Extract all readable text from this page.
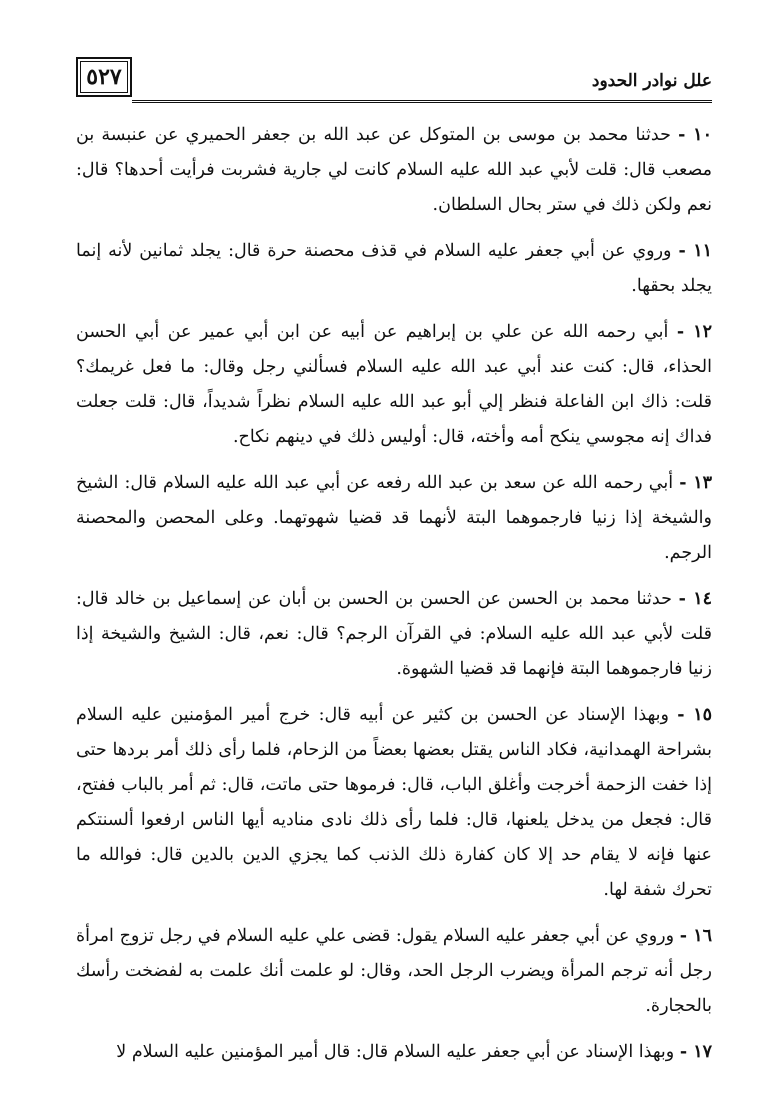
٥٢٧	علل نوادر الحدود

١٠ - حدثنا محمد بن موسى بن المتوكل عن عبد الله بن جعفر الحميري عن عنبسة بن مصعب قال: قلت لأبي عبد الله عليه السلام كانت لي جارية فشربت فرأيت أحدها؟ قال: نعم ولكن ذلك في ستر بحال السلطان.

١١ - وروي عن أبي جعفر عليه السلام في قذف محصنة حرة قال: يجلد ثمانين لأنه إنما يجلد بحقها.

١٢ - أبي رحمه الله عن علي بن إبراهيم عن أبيه عن ابن أبي عمير عن أبي الحسن الحذاء، قال: كنت عند أبي عبد الله عليه السلام فسألني رجل وقال: ما فعل غريمك؟ قلت: ذاك ابن الفاعلة فنظر إلي أبو عبد الله عليه السلام نظراً شديداً، قال: قلت جعلت فداك إنه مجوسي ينكح أمه وأخته، قال: أوليس ذلك في دينهم نكاح.

١٣ - أبي رحمه الله عن سعد بن عبد الله رفعه عن أبي عبد الله عليه السلام قال: الشيخ والشيخة إذا زنيا فارجموهما البتة لأنهما قد قضيا شهوتهما. وعلى المحصن والمحصنة الرجم.

١٤ - حدثنا محمد بن الحسن عن الحسن بن الحسن بن أبان عن إسماعيل بن خالد قال: قلت لأبي عبد الله عليه السلام: في القرآن الرجم؟ قال: نعم، قال: الشيخ والشيخة إذا زنيا فارجموهما البتة فإنهما قد قضيا الشهوة.

١٥ - وبهذا الإسناد عن الحسن بن كثير عن أبيه قال: خرج أمير المؤمنين عليه السلام بشراحة الهمدانية، فكاد الناس يقتل بعضها بعضاً من الزحام، فلما رأى ذلك أمر بردها حتى إذا خفت الزحمة أخرجت وأغلق الباب، قال: فرموها حتى ماتت، قال: ثم أمر بالباب ففتح، قال: فجعل من يدخل يلعنها، قال: فلما رأى ذلك نادى مناديه أيها الناس ارفعوا ألسنتكم عنها فإنه لا يقام حد إلا كان كفارة ذلك الذنب كما يجزي الدين بالدين قال: فوالله ما تحرك شفة لها.

١٦ - وروي عن أبي جعفر عليه السلام يقول: قضى علي عليه السلام في رجل تزوج امرأة رجل أنه ترجم المرأة ويضرب الرجل الحد، وقال: لو علمت أنك علمت به لفضخت رأسك بالحجارة.

١٧ - وبهذا الإسناد عن أبي جعفر عليه السلام قال: قال أمير المؤمنين عليه السلام لا
